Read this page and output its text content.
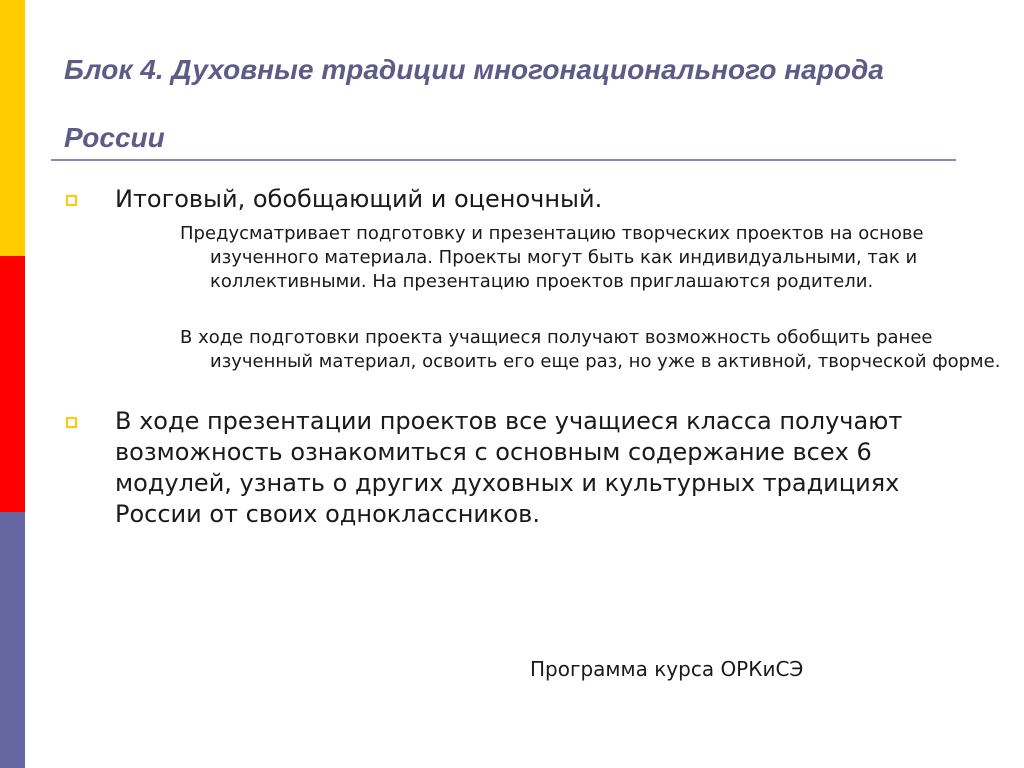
Блок 4. Духовные традиции многонационального народа России

Итоговый, обобщающий и оценочный.

Предусматривает подготовку и презентацию творческих проектов на основе изученного материала. Проекты могут быть как индивидуальными, так и коллективными. На презентацию проектов приглашаются родители.

В ходе подготовки проекта учащиеся получают возможность обобщить ранее изученный материал, освоить его еще раз, но уже в активной, творческой форме.

В ходе презентации проектов все учащиеся класса получают возможность ознакомиться с основным содержание всех 6 модулей, узнать о других духовных и культурных традициях России от своих одноклассников.

Программа курса ОРКиСЭ
